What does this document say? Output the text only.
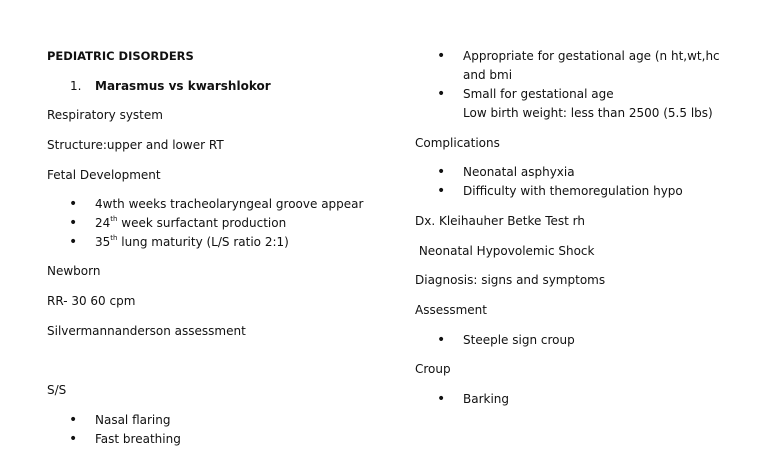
PEDIATRIC DISORDERS
1. Marasmus vs kwarshlokor
Respiratory system
Structure:upper and lower RT
Fetal Development
• 4wth weeks tracheolaryngeal groove appear
• 24th week surfactant production
• 35th lung maturity (L/S ratio 2:1)
Newborn
RR- 30 60 cpm
Silvermannanderson assessment
S/S
• Nasal flaring
• Fast breathing
• Appropriate for gestational age (n ht,wt,hc
and bmi
• Small for gestational age
Low birth weight: less than 2500 (5.5 lbs)
Complications
• Neonatal asphyxia
• Difficulty with themoregulation hypo
Dx. Kleihauher Betke Test rh
Neonatal Hypovolemic Shock
Diagnosis: signs and symptoms
Assessment
• Steeple sign croup
Croup
• Barking
